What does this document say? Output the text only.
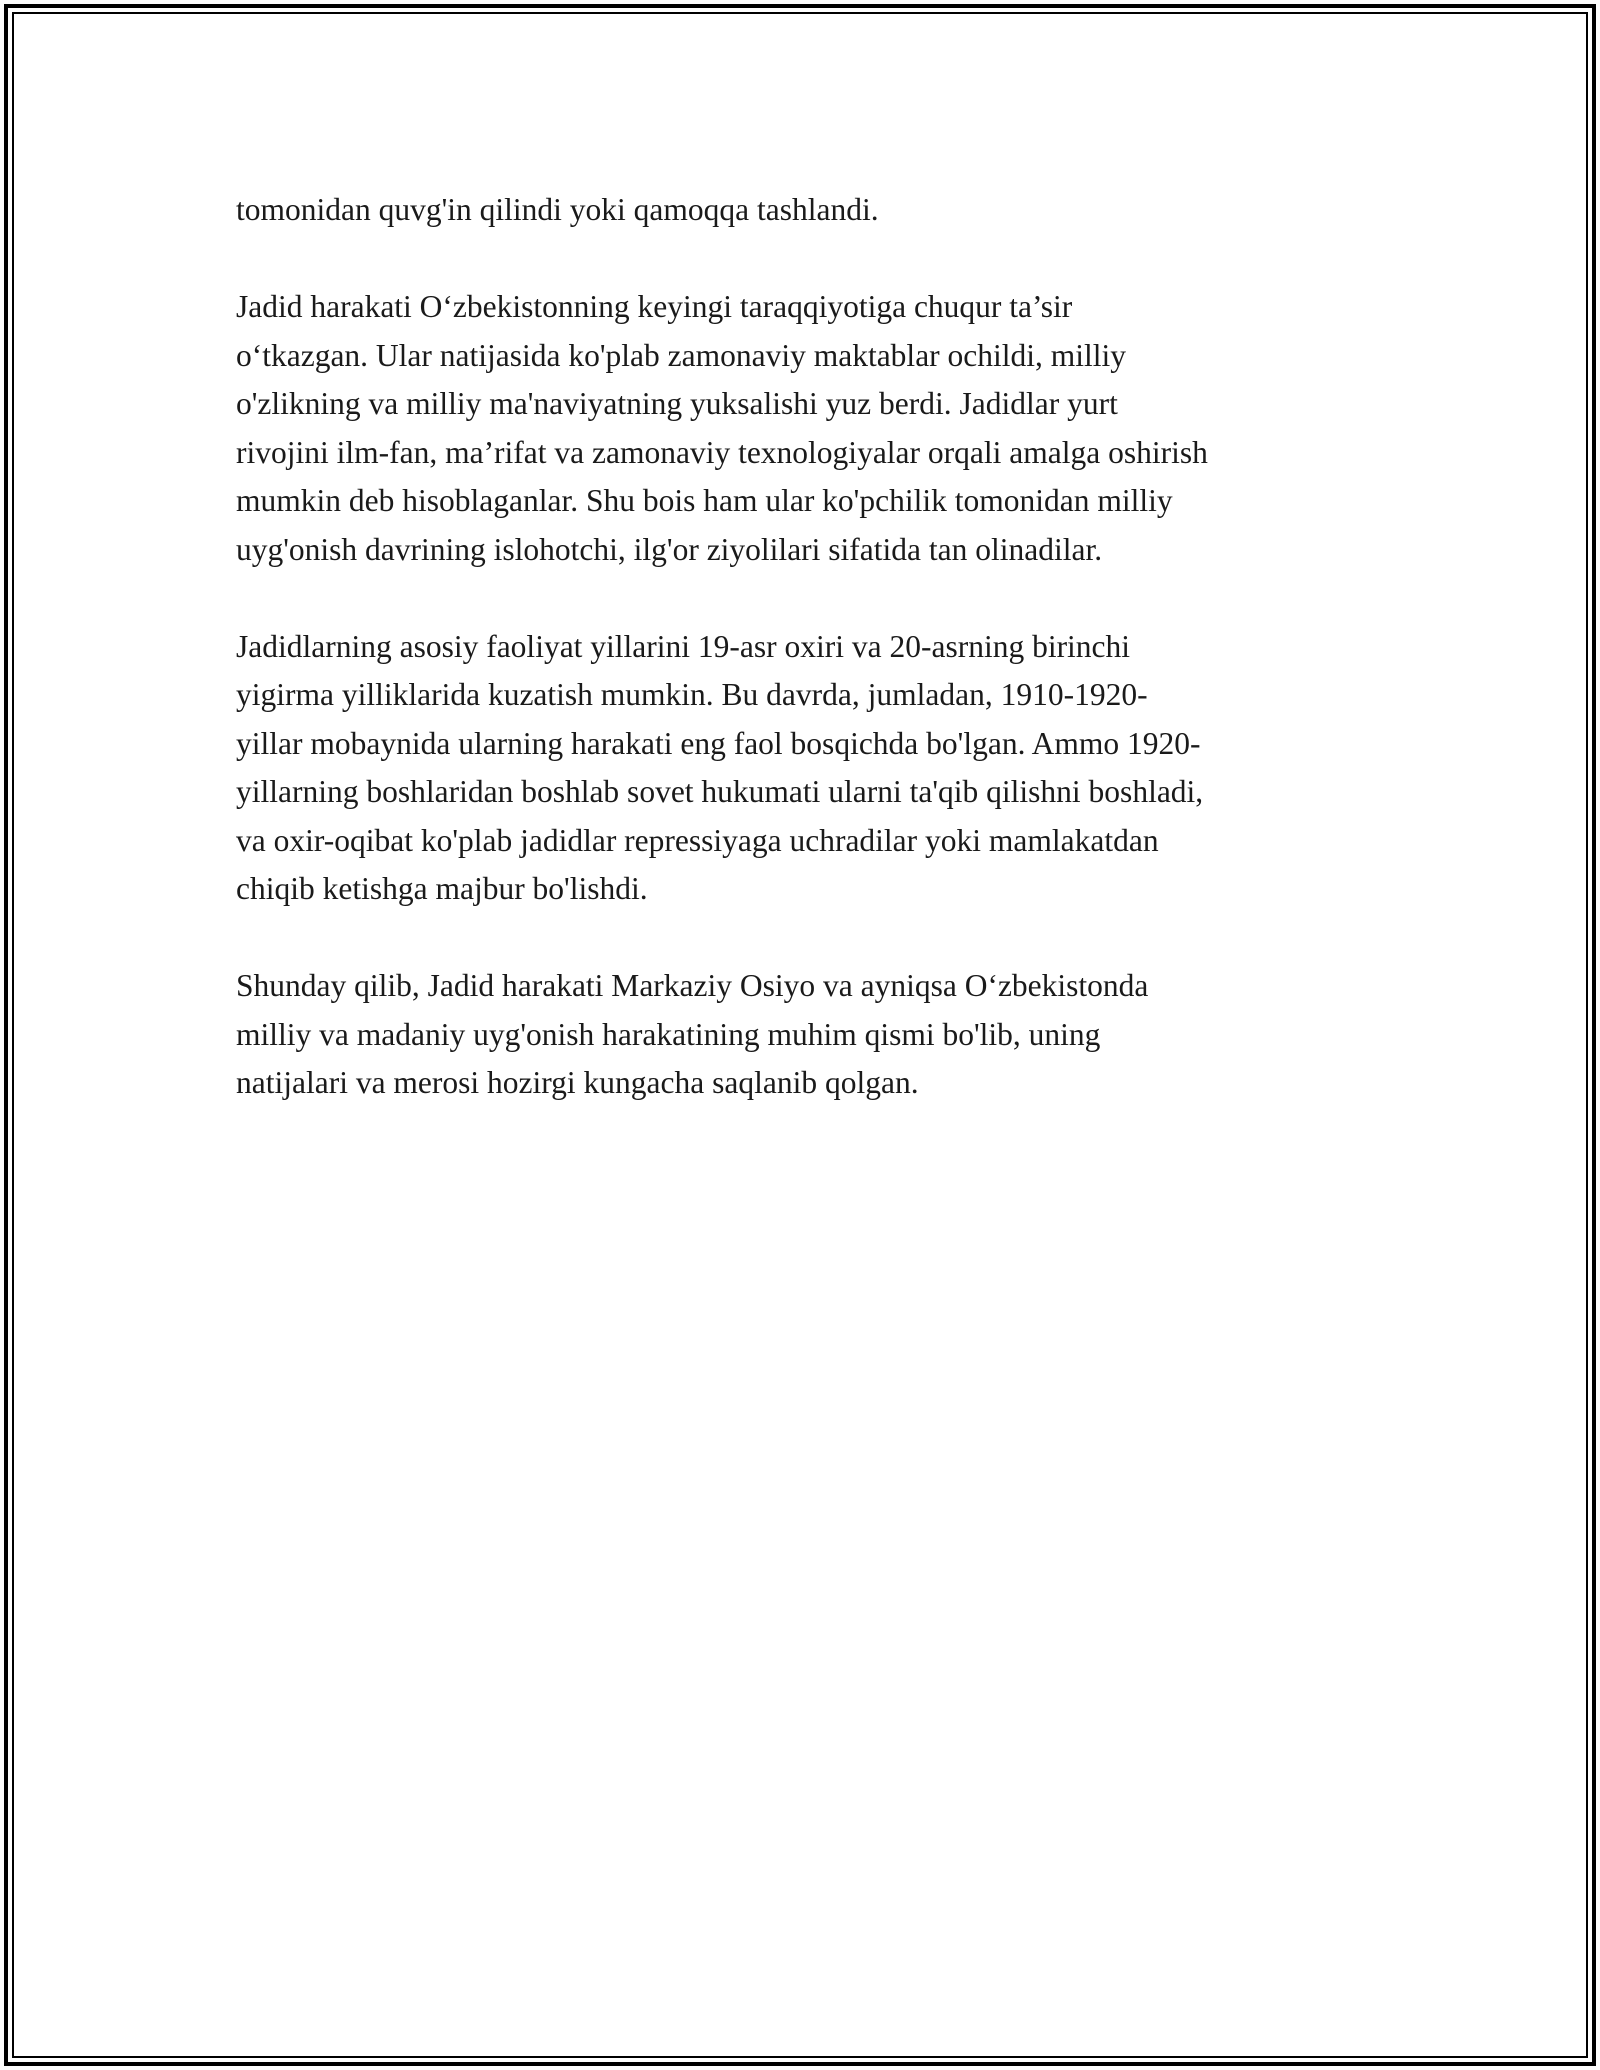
tomonidan quvg'in qilindi yoki qamoqqa tashlandi.

Jadid harakati O‘zbekistonning keyingi taraqqiyotiga chuqur ta’sir
o‘tkazgan. Ular natijasida ko'plab zamonaviy maktablar ochildi, milliy
o'zlikning va milliy ma'naviyatning yuksalishi yuz berdi. Jadidlar yurt
rivojini ilm-fan, ma’rifat va zamonaviy texnologiyalar orqali amalga oshirish
mumkin deb hisoblaganlar. Shu bois ham ular ko'pchilik tomonidan milliy
uyg'onish davrining islohotchi, ilg'or ziyolilari sifatida tan olinadilar.

Jadidlarning asosiy faoliyat yillarini 19-asr oxiri va 20-asrning birinchi
yigirma yilliklarida kuzatish mumkin. Bu davrda, jumladan, 1910-1920-
yillar mobaynida ularning harakati eng faol bosqichda bo'lgan. Ammo 1920-
yillarning boshlaridan boshlab sovet hukumati ularni ta'qib qilishni boshladi,
va oxir-oqibat ko'plab jadidlar repressiyaga uchradilar yoki mamlakatdan
chiqib ketishga majbur bo'lishdi.

Shunday qilib, Jadid harakati Markaziy Osiyo va ayniqsa O‘zbekistonda
milliy va madaniy uyg'onish harakatining muhim qismi bo'lib, uning
natijalari va merosi hozirgi kungacha saqlanib qolgan.
